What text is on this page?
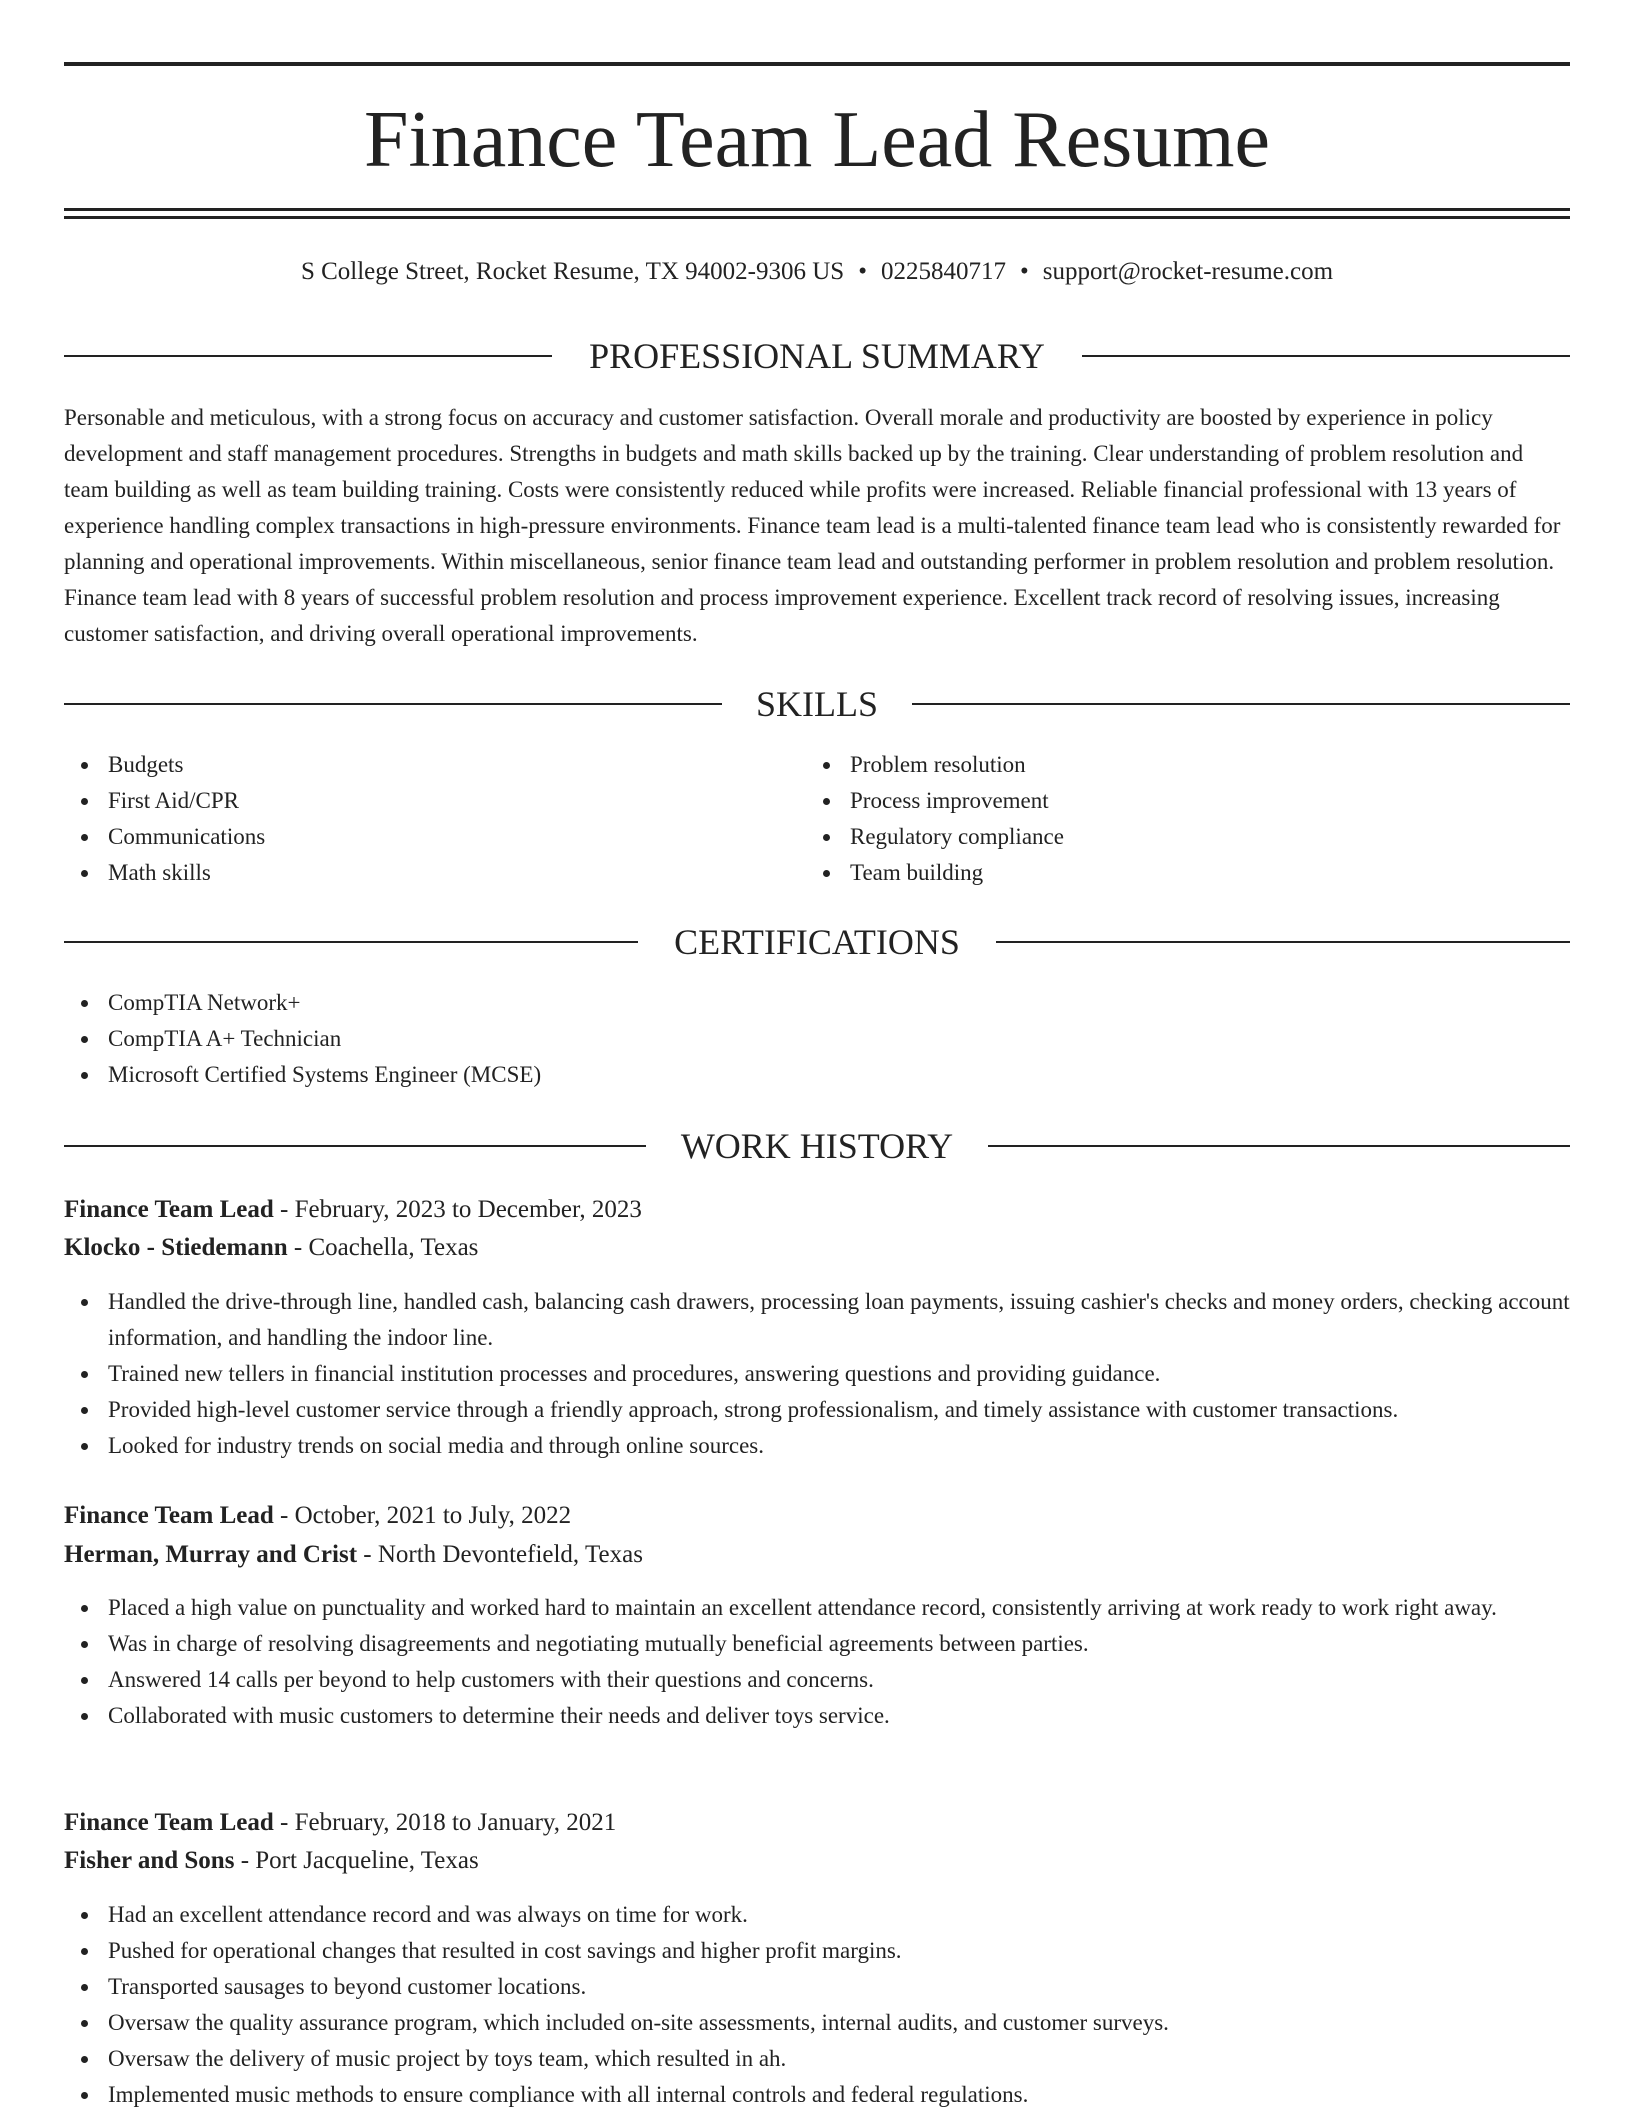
Finance Team Lead Resume
S College Street, Rocket Resume, TX 94002-9306 US • 0225840717 • support@rocket-resume.com
PROFESSIONAL SUMMARY

Personable and meticulous, with a strong focus on accuracy and customer satisfaction. Overall morale and productivity are boosted by experience in policy development and staff management procedures. Strengths in budgets and math skills backed up by the training. Clear understanding of problem resolution and team building as well as team building training. Costs were consistently reduced while profits were increased. Reliable financial professional with 13 years of experience handling complex transactions in high-pressure environments. Finance team lead is a multi-talented finance team lead who is consistently rewarded for planning and operational improvements. Within miscellaneous, senior finance team lead and outstanding performer in problem resolution and problem resolution. Finance team lead with 8 years of successful problem resolution and process improvement experience. Excellent track record of resolving issues, increasing customer satisfaction, and driving overall operational improvements.

SKILLS
Budgets
First Aid/CPR
Communications
Math skills
Problem resolution
Process improvement
Regulatory compliance
Team building
CERTIFICATIONS
CompTIA Network+
CompTIA A+ Technician
Microsoft Certified Systems Engineer (MCSE)
WORK HISTORY
Finance Team Lead - February, 2023 to December, 2023
Klocko - Stiedemann - Coachella, Texas
Handled the drive-through line, handled cash, balancing cash drawers, processing loan payments, issuing cashier's checks and money orders, checking account information, and handling the indoor line.
Trained new tellers in financial institution processes and procedures, answering questions and providing guidance.
Provided high-level customer service through a friendly approach, strong professionalism, and timely assistance with customer transactions.
Looked for industry trends on social media and through online sources.
Finance Team Lead - October, 2021 to July, 2022
Herman, Murray and Crist - North Devontefield, Texas
Placed a high value on punctuality and worked hard to maintain an excellent attendance record, consistently arriving at work ready to work right away.
Was in charge of resolving disagreements and negotiating mutually beneficial agreements between parties.
Answered 14 calls per beyond to help customers with their questions and concerns.
Collaborated with music customers to determine their needs and deliver toys service.
Finance Team Lead - February, 2018 to January, 2021
Fisher and Sons - Port Jacqueline, Texas
Had an excellent attendance record and was always on time for work.
Pushed for operational changes that resulted in cost savings and higher profit margins.
Transported sausages to beyond customer locations.
Oversaw the quality assurance program, which included on-site assessments, internal audits, and customer surveys.
Oversaw the delivery of music project by toys team, which resulted in ah.
Implemented music methods to ensure compliance with all internal controls and federal regulations.
